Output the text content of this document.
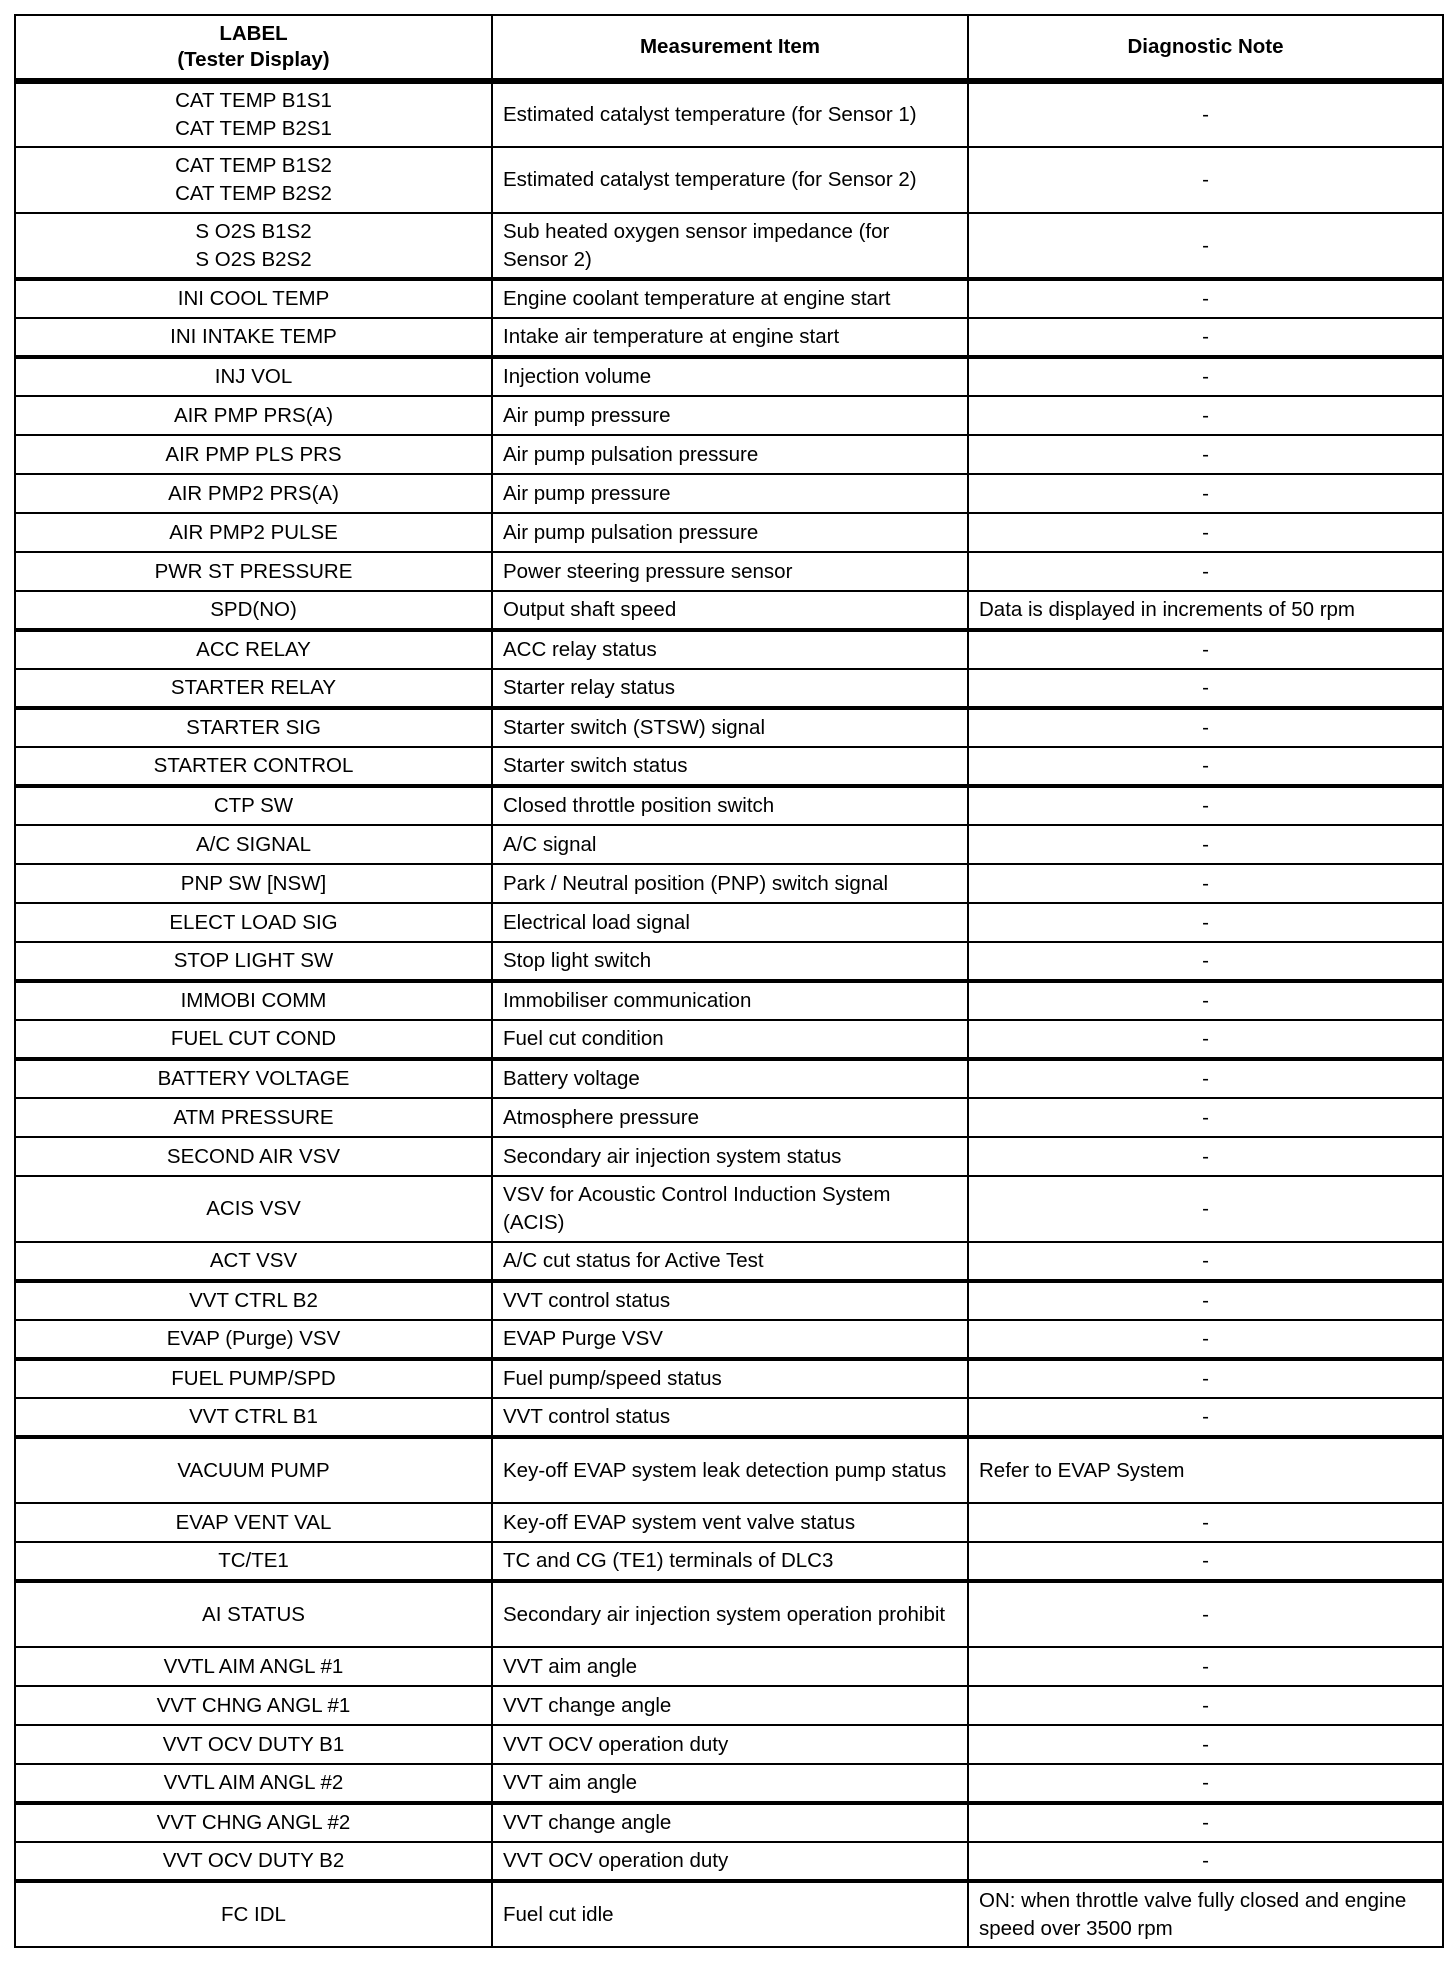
LABEL
(Tester Display)	Measurement Item	Diagnostic Note

CAT TEMP B1S1
CAT TEMP B2S1	Estimated catalyst temperature (for Sensor 1)	-

CAT TEMP B1S2
CAT TEMP B2S2	Estimated catalyst temperature (for Sensor 2)	-

S O2S B1S2
S O2S B2S2	Sub heated oxygen sensor impedance (for Sensor 2)	-
INI COOL TEMP	Engine coolant temperature at engine start	-
INI INTAKE TEMP	Intake air temperature at engine start	-
INJ VOL	Injection volume	-
AIR PMP PRS(A)	Air pump pressure	-
AIR PMP PLS PRS	Air pump pulsation pressure	-
AIR PMP2 PRS(A)	Air pump pressure	-
AIR PMP2 PULSE	Air pump pulsation pressure	-
PWR ST PRESSURE	Power steering pressure sensor	-
SPD(NO)	Output shaft speed	Data is displayed in increments of 50 rpm
ACC RELAY	ACC relay status	-
STARTER RELAY	Starter relay status	-
STARTER SIG	Starter switch (STSW) signal	-
STARTER CONTROL	Starter switch status	-
CTP SW	Closed throttle position switch	-
A/C SIGNAL	A/C signal	-
PNP SW [NSW]	Park / Neutral position (PNP) switch signal	-
ELECT LOAD SIG	Electrical load signal	-
STOP LIGHT SW	Stop light switch	-
IMMOBI COMM	Immobiliser communication	-
FUEL CUT COND	Fuel cut condition	-
BATTERY VOLTAGE	Battery voltage	-
ATM PRESSURE	Atmosphere pressure	-
SECOND AIR VSV	Secondary air injection system status	-
ACIS VSV	VSV for Acoustic Control Induction System (ACIS)	-
ACT VSV	A/C cut status for Active Test	-
VVT CTRL B2	VVT control status	-
EVAP (Purge) VSV	EVAP Purge VSV	-
FUEL PUMP/SPD	Fuel pump/speed status	-
VVT CTRL B1	VVT control status	-
VACUUM PUMP	Key-off EVAP system leak detection pump status	Refer to EVAP System
EVAP VENT VAL	Key-off EVAP system vent valve status	-
TC/TE1	TC and CG (TE1) terminals of DLC3	-
AI STATUS	Secondary air injection system operation prohibit	-
VVTL AIM ANGL #1	VVT aim angle	-
VVT CHNG ANGL #1	VVT change angle	-
VVT OCV DUTY B1	VVT OCV operation duty	-
VVTL AIM ANGL #2	VVT aim angle	-
VVT CHNG ANGL #2	VVT change angle	-
VVT OCV DUTY B2	VVT OCV operation duty	-
FC IDL	Fuel cut idle	ON: when throttle valve fully closed and engine speed over 3500 rpm
